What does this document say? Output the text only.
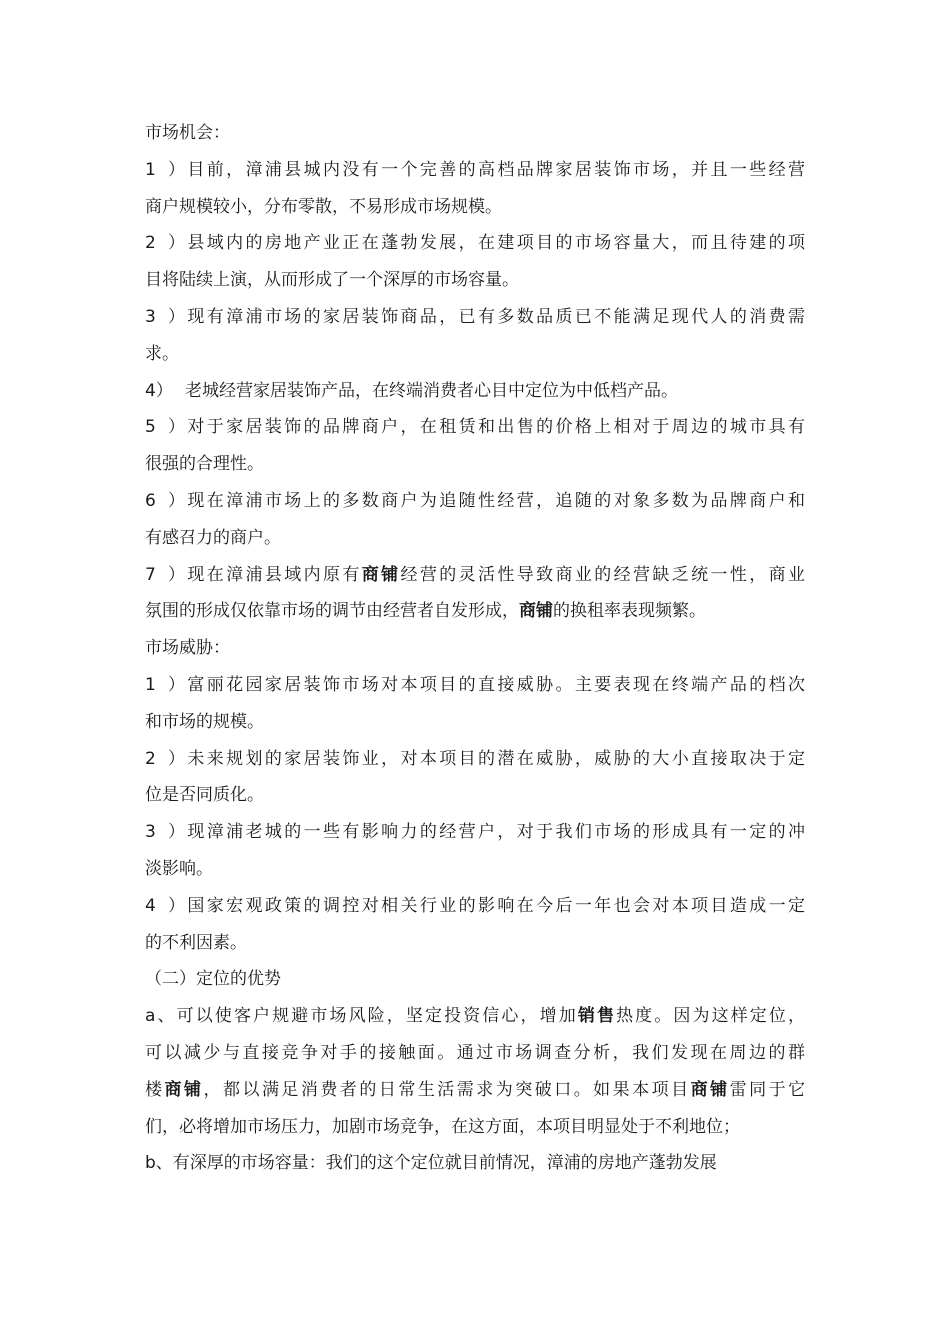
市场机会：
1）目前，漳浦县城内没有一个完善的高档品牌家居装饰市场，并且一些经营
商户规模较小，分布零散，不易形成市场规模。
2）县域内的房地产业正在蓬勃发展，在建项目的市场容量大，而且待建的项
目将陆续上演，从而形成了一个深厚的市场容量。
3）现有漳浦市场的家居装饰商品，已有多数品质已不能满足现代人的消费需
求。
4） 老城经营家居装饰产品，在终端消费者心目中定位为中低档产品。
5）对于家居装饰的品牌商户，在租赁和出售的价格上相对于周边的城市具有
很强的合理性。
6）现在漳浦市场上的多数商户为追随性经营，追随的对象多数为品牌商户和
有感召力的商户。
7）现在漳浦县域内原有商铺经营的灵活性导致商业的经营缺乏统一性，商业
氛围的形成仅依靠市场的调节由经营者自发形成，商铺的换租率表现频繁。
市场威胁：
1）富丽花园家居装饰市场对本项目的直接威胁。主要表现在终端产品的档次
和市场的规模。
2）未来规划的家居装饰业，对本项目的潜在威胁，威胁的大小直接取决于定
位是否同质化。
3）现漳浦老城的一些有影响力的经营户，对于我们市场的形成具有一定的冲
淡影响。
4）国家宏观政策的调控对相关行业的影响在今后一年也会对本项目造成一定
的不利因素。
（二）定位的优势
a、可以使客户规避市场风险，坚定投资信心，增加销售热度。因为这样定位，
可以减少与直接竞争对手的接触面。通过市场调查分析，我们发现在周边的群
楼商铺，都以满足消费者的日常生活需求为突破口。如果本项目商铺雷同于它
们，必将增加市场压力，加剧市场竞争，在这方面，本项目明显处于不利地位；
b、有深厚的市场容量：我们的这个定位就目前情况，漳浦的房地产蓬勃发展
